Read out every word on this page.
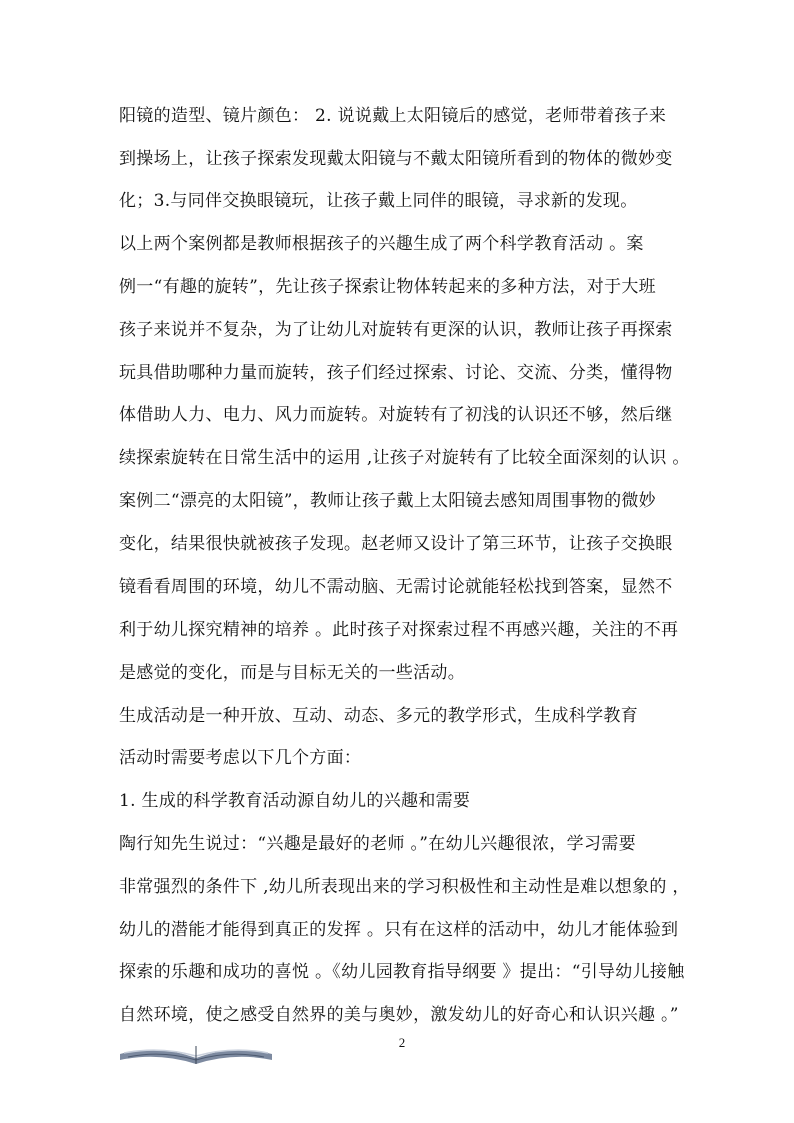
阳镜的造型、镜片颜色： 2. 说说戴上太阳镜后的感觉，老师带着孩子来
到操场上，让孩子探索发现戴太阳镜与不戴太阳镜所看到的物体的微妙变
化；3.与同伴交换眼镜玩，让孩子戴上同伴的眼镜，寻求新的发现。
以上两个案例都是教师根据孩子的兴趣生成了两个科学教育活动 。案
例一“有趣的旋转”，先让孩子探索让物体转起来的多种方法，对于大班
孩子来说并不复杂，为了让幼儿对旋转有更深的认识，教师让孩子再探索
玩具借助哪种力量而旋转，孩子们经过探索、讨论、交流、分类，懂得物
体借助人力、电力、风力而旋转。对旋转有了初浅的认识还不够，然后继
续探索旋转在日常生活中的运用 ,让孩子对旋转有了比较全面深刻的认识 。
案例二“漂亮的太阳镜”，教师让孩子戴上太阳镜去感知周围事物的微妙
变化，结果很快就被孩子发现。赵老师又设计了第三环节，让孩子交换眼
镜看看周围的环境，幼儿不需动脑、无需讨论就能轻松找到答案，显然不
利于幼儿探究精神的培养 。此时孩子对探索过程不再感兴趣，关注的不再
是感觉的变化，而是与目标无关的一些活动。
生成活动是一种开放、互动、动态、多元的教学形式，生成科学教育
活动时需要考虑以下几个方面：
1. 生成的科学教育活动源自幼儿的兴趣和需要
陶行知先生说过：“兴趣是最好的老师 。”在幼儿兴趣很浓，学习需要
非常强烈的条件下 ,幼儿所表现出来的学习积极性和主动性是难以想象的 ，
幼儿的潜能才能得到真正的发挥 。只有在这样的活动中，幼儿才能体验到
探索的乐趣和成功的喜悦 。《幼儿园教育指导纲要 》提出：“引导幼儿接触
自然环境，使之感受自然界的美与奥妙，激发幼儿的好奇心和认识兴趣 。”
2
